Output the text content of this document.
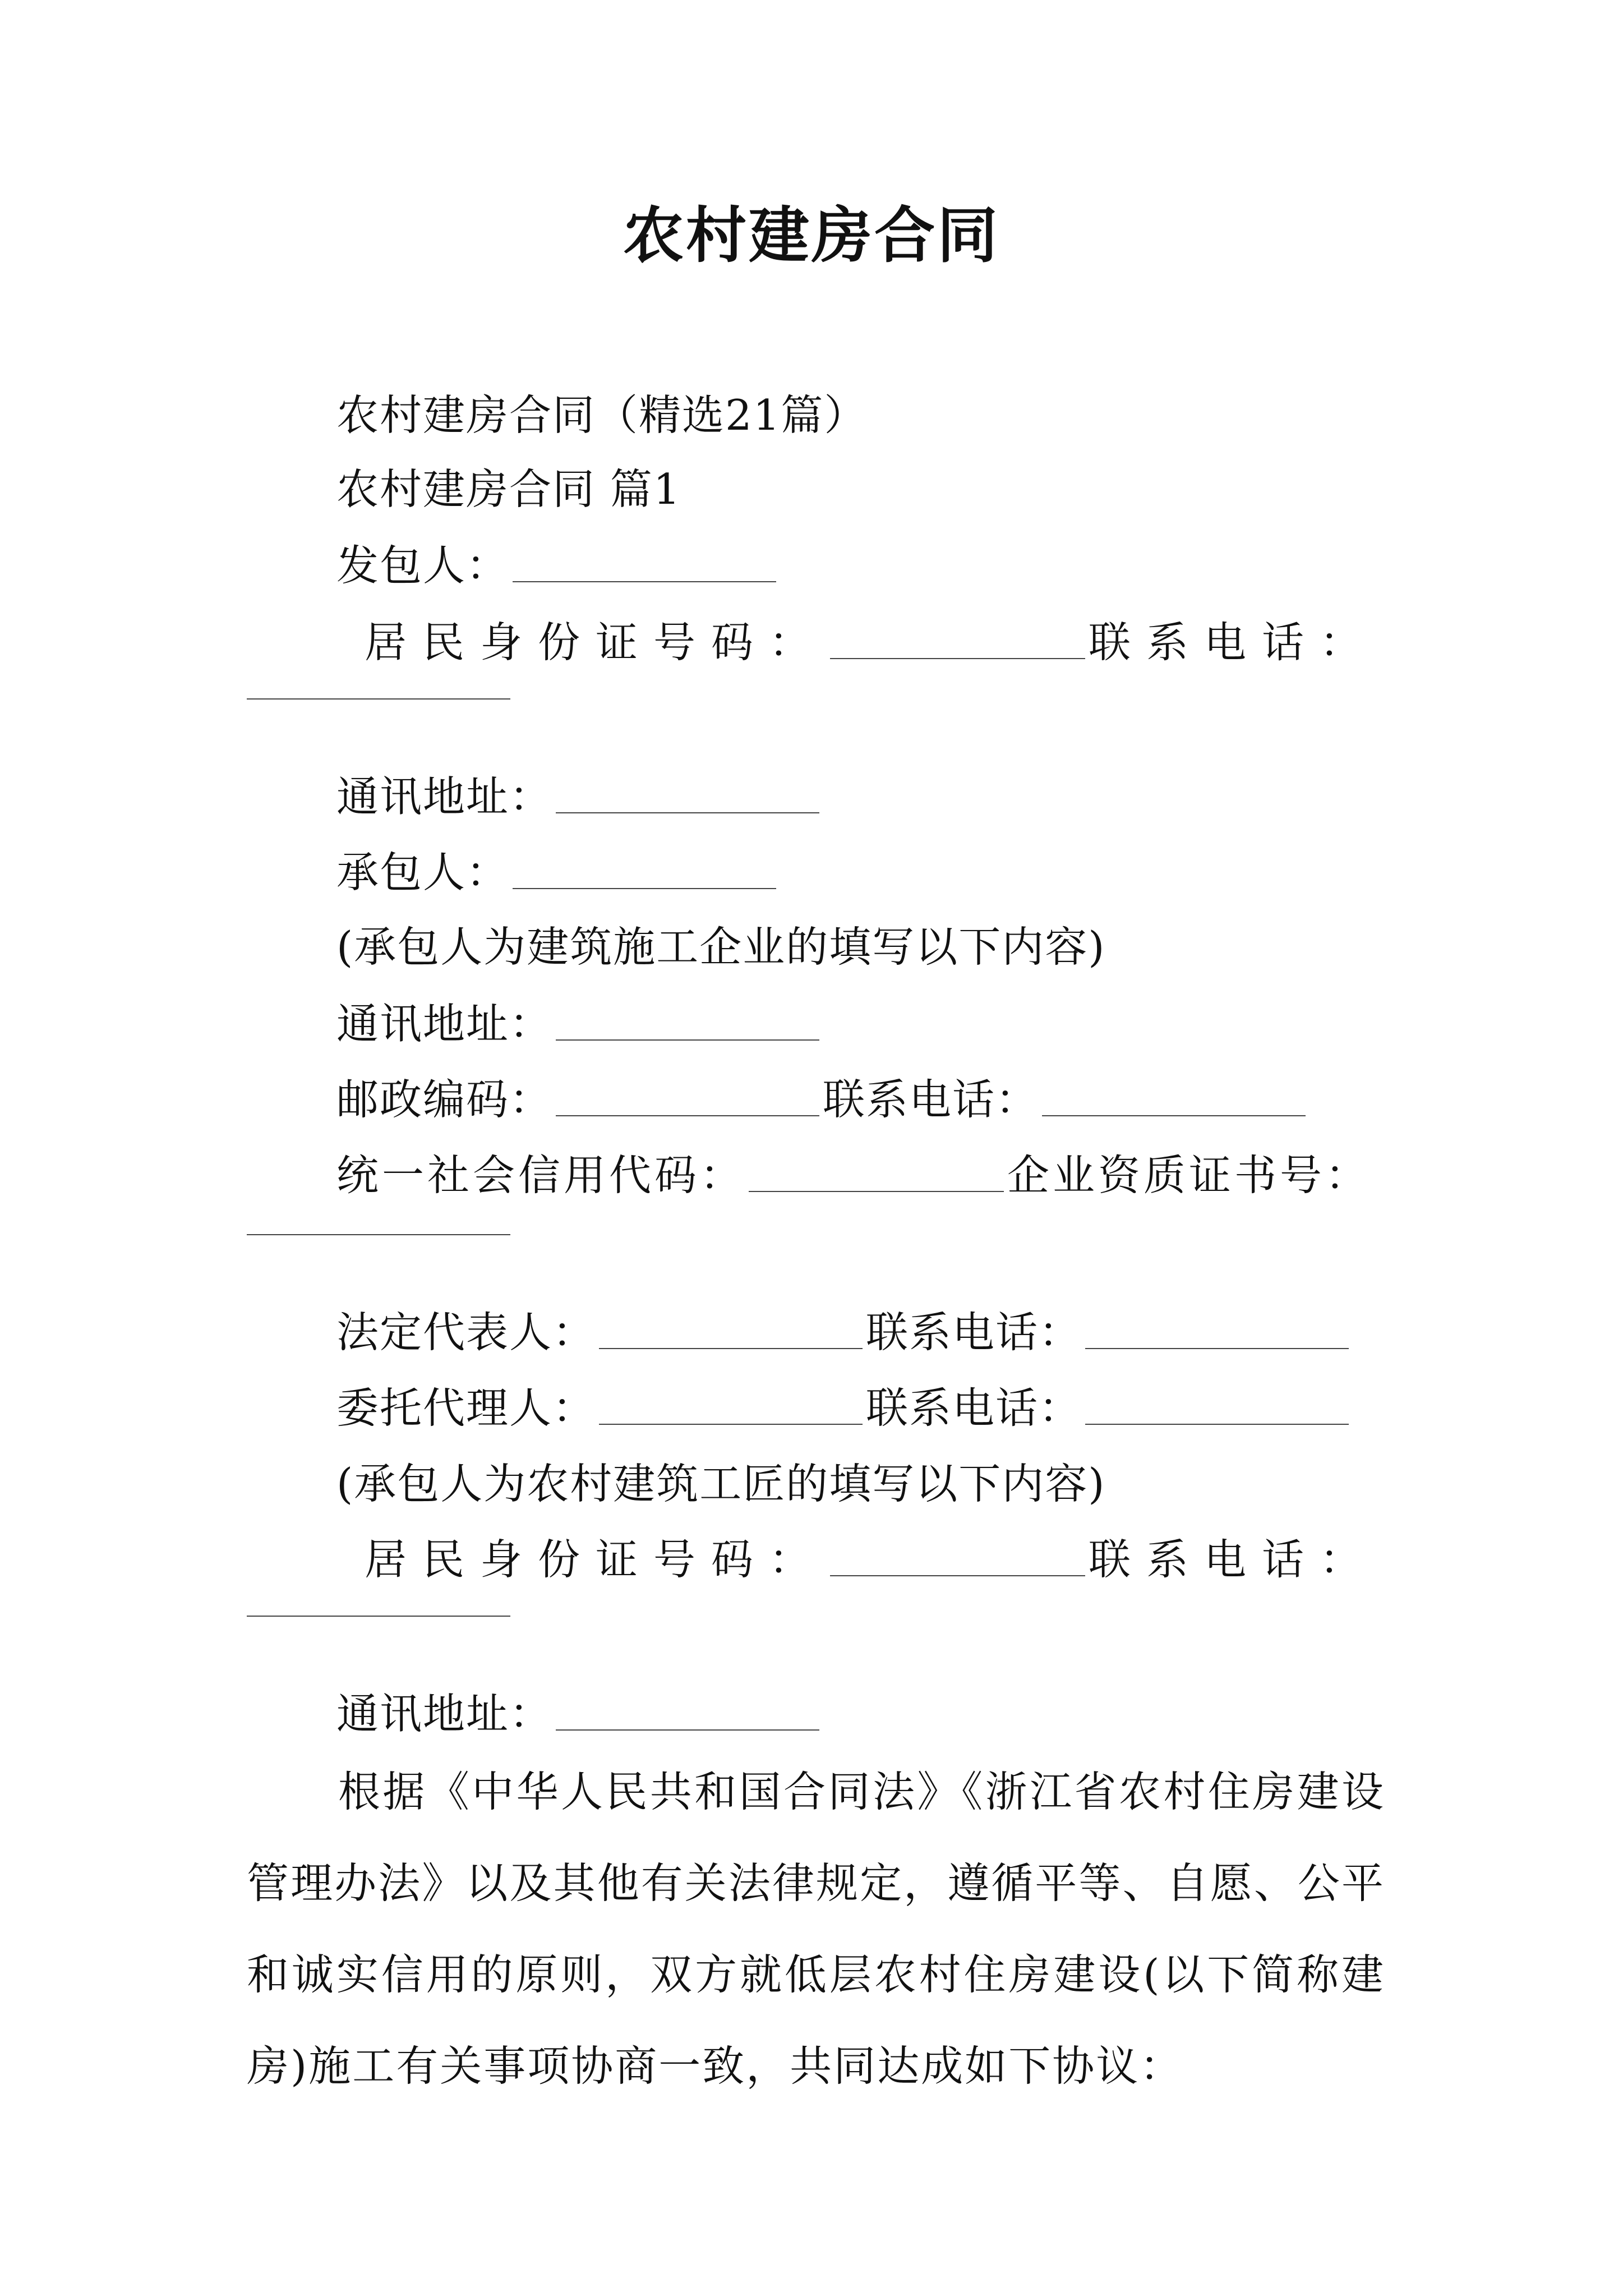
农村建房合同
农村建房合同（精选21篇）
农村建房合同 篇1
发包人：
居民身份证号码：	联系电话：
通讯地址：
承包人：
(承包人为建筑施工企业的填写以下内容)
通讯地址：
邮政编码：	联系电话：
统一社会信用代码：	企业资质证书号：
法定代表人：	联系电话：
委托代理人：	联系电话：
(承包人为农村建筑工匠的填写以下内容)
居民身份证号码：	联系电话：
通讯地址：
根据《中华人民共和国合同法》《浙江省农村住房建设管理办法》以及其他有关法律规定，遵循平等、自愿、公平和诚实信用的原则，双方就低层农村住房建设(以下简称建房)施工有关事项协商一致，共同达成如下协议：
